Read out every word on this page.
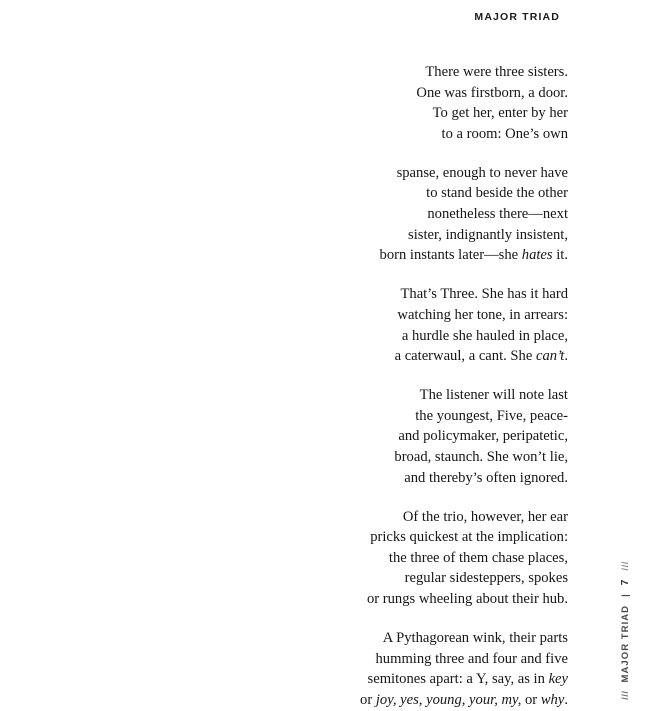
MAJOR TRIAD

There were three sisters.
One was firstborn, a door.
To get her, enter by her
to a room: One’s own

spanse, enough to never have
to stand beside the other
nonetheless there—next
sister, indignantly insistent,
born instants later—she hates it.

That’s Three. She has it hard
watching her tone, in arrears:
a hurdle she hauled in place,
a caterwaul, a cant. She can’t.

The listener will note last
the youngest, Five, peace-
and policymaker, peripatetic,
broad, staunch. She won’t lie,
and thereby’s often ignored.

Of the trio, however, her ear
pricks quickest at the implication:
the three of them chase places,
regular sidesteppers, spokes
or rungs wheeling about their hub.

A Pythagorean wink, their parts
humming three and four and five
semitones apart: a Y, say, as in key
or joy, yes, young, your, my, or why.	///
MAJOR TRIAD
|
7
///
